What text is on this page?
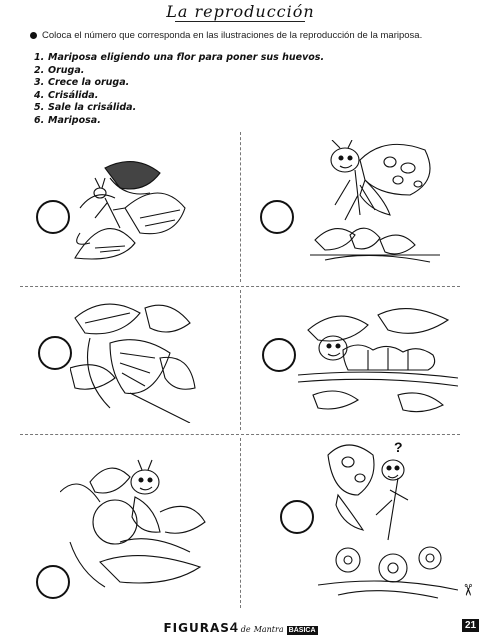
La reproducción
Coloca el número que corresponda en las ilustraciones de la reproducción de la mariposa.
1. Mariposa eligiendo una flor para poner sus huevos.
2. Oruga.
3. Crece la oruga.
4. Crisálida.
5. Sale la crisálida.
6. Mariposa.
?
✂
FIGURAS4 de Mantra BÁSICA	21
